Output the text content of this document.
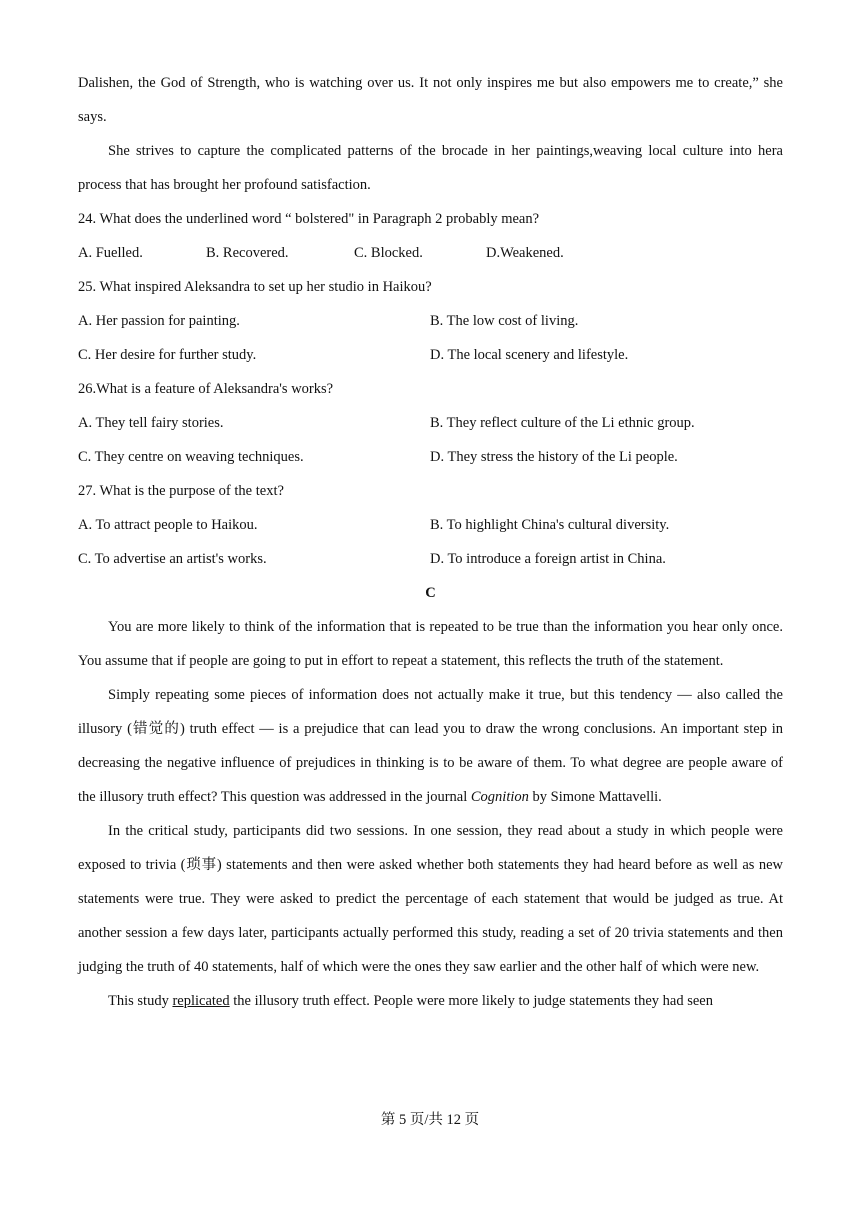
Dalishen, the God of Strength, who is watching over us. It not only inspires me but also empowers me to create,” she says.

She strives to capture the complicated patterns of the brocade in her paintings,weaving local culture into hera process that has brought her profound satisfaction.

24. What does the underlined word “ bolstered" in Paragraph 2 probably mean?

A. Fuelled.	B. Recovered.	C. Blocked.	D.Weakened.

25. What inspired Aleksandra to set up her studio in Haikou?

A. Her passion for painting.	B. The low cost of living.
C. Her desire for further study.	D. The local scenery and lifestyle.

26.What is a feature of Aleksandra's works?

A. They tell fairy stories.	B. They reflect culture of the Li ethnic group.
C. They centre on weaving techniques.	D. They stress the history of the Li people.

27. What is the purpose of the text?

A. To attract people to Haikou.	B. To highlight China's cultural diversity.
C. To advertise an artist's works.	D. To introduce a foreign artist in China.
C

You are more likely to think of the information that is repeated to be true than the information you hear only once. You assume that if people are going to put in effort to repeat a statement, this reflects the truth of the statement.

Simply repeating some pieces of information does not actually make it true, but this tendency — also called the illusory (错觉的) truth effect — is a prejudice that can lead you to draw the wrong conclusions. An important step in decreasing the negative influence of prejudices in thinking is to be aware of them. To what degree are people aware of the illusory truth effect? This question was addressed in the journal Cognition by Simone Mattavelli.

In the critical study, participants did two sessions. In one session, they read about a study in which people were exposed to trivia (琐事) statements and then were asked whether both statements they had heard before as well as new statements were true. They were asked to predict the percentage of each statement that would be judged as true. At another session a few days later, participants actually performed this study, reading a set of 20 trivia statements and then judging the truth of 40 statements, half of which were the ones they saw earlier and the other half of which were new.

This study replicated the illusory truth effect. People were more likely to judge statements they had seen

第 5 页/共 12 页
